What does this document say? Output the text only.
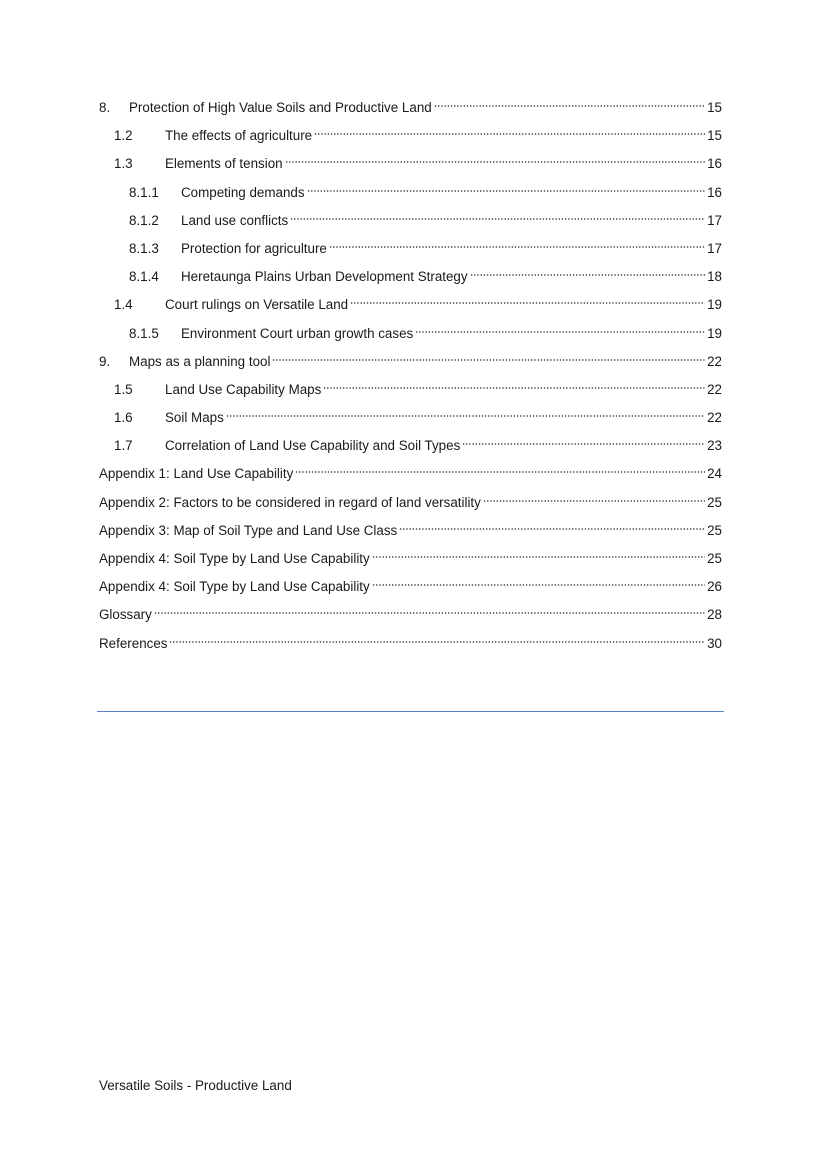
8.	Protection of High Value Soils and Productive Land	15
1.2	The effects of agriculture	15
1.3	Elements of tension	16
8.1.1	Competing demands	16
8.1.2	Land use conflicts	17
8.1.3	Protection for agriculture	17
8.1.4	Heretaunga Plains Urban Development Strategy	18
1.4	Court rulings on Versatile Land	19
8.1.5	Environment Court urban growth cases	19
9.	Maps as a planning tool	22
1.5	Land Use Capability Maps	22
1.6	Soil Maps	22
1.7	Correlation of Land Use Capability and Soil Types	23
Appendix 1: Land Use Capability	24
Appendix 2: Factors to be considered in regard of land versatility	25
Appendix 3: Map of Soil Type and Land Use Class	25
Appendix 4: Soil Type by Land Use Capability	25
Appendix 4: Soil Type by Land Use Capability	26
Glossary	28
References	30
Versatile Soils - Productive Land
